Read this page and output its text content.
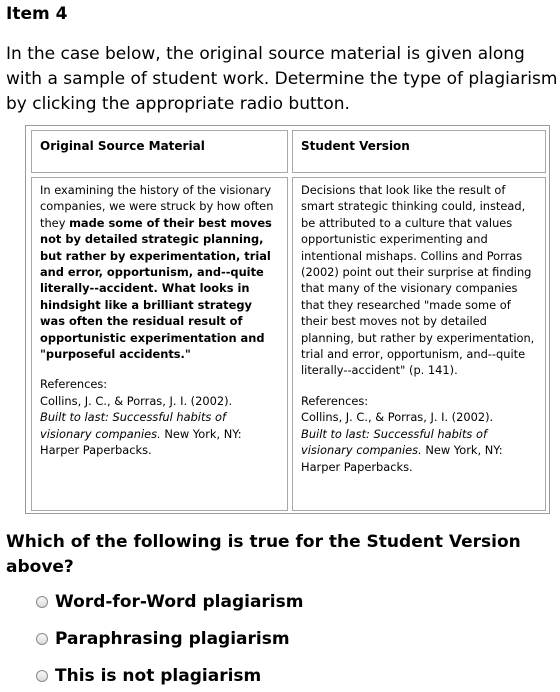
Item 4

In the case below, the original source material is given along with a sample of student work. Determine the type of plagiarism by clicking the appropriate radio button.

Original Source Material	Student Version

In examining the history of the visionary companies, we were struck by how often they made some of their best moves not by detailed strategic planning, but rather by experimentation, trial and error, opportunism, and--quite literally--accident. What looks in hindsight like a brilliant strategy was often the residual result of opportunistic experimentation and "purposeful accidents."

References:
Collins, J. C., & Porras, J. I. (2002).
Built to last: Successful habits of visionary companies. New York, NY: Harper Paperbacks.

Decisions that look like the result of smart strategic thinking could, instead, be attributed to a culture that values opportunistic experimenting and intentional mishaps. Collins and Porras (2002) point out their surprise at finding that many of the visionary companies that they researched "made some of their best moves not by detailed planning, but rather by experimentation, trial and error, opportunism, and--quite literally--accident" (p. 141).

References:
Collins, J. C., & Porras, J. I. (2002).
Built to last: Successful habits of visionary companies. New York, NY: Harper Paperbacks.

Which of the following is true for the Student Version above?

Word-for-Word plagiarism
Paraphrasing plagiarism
This is not plagiarism
